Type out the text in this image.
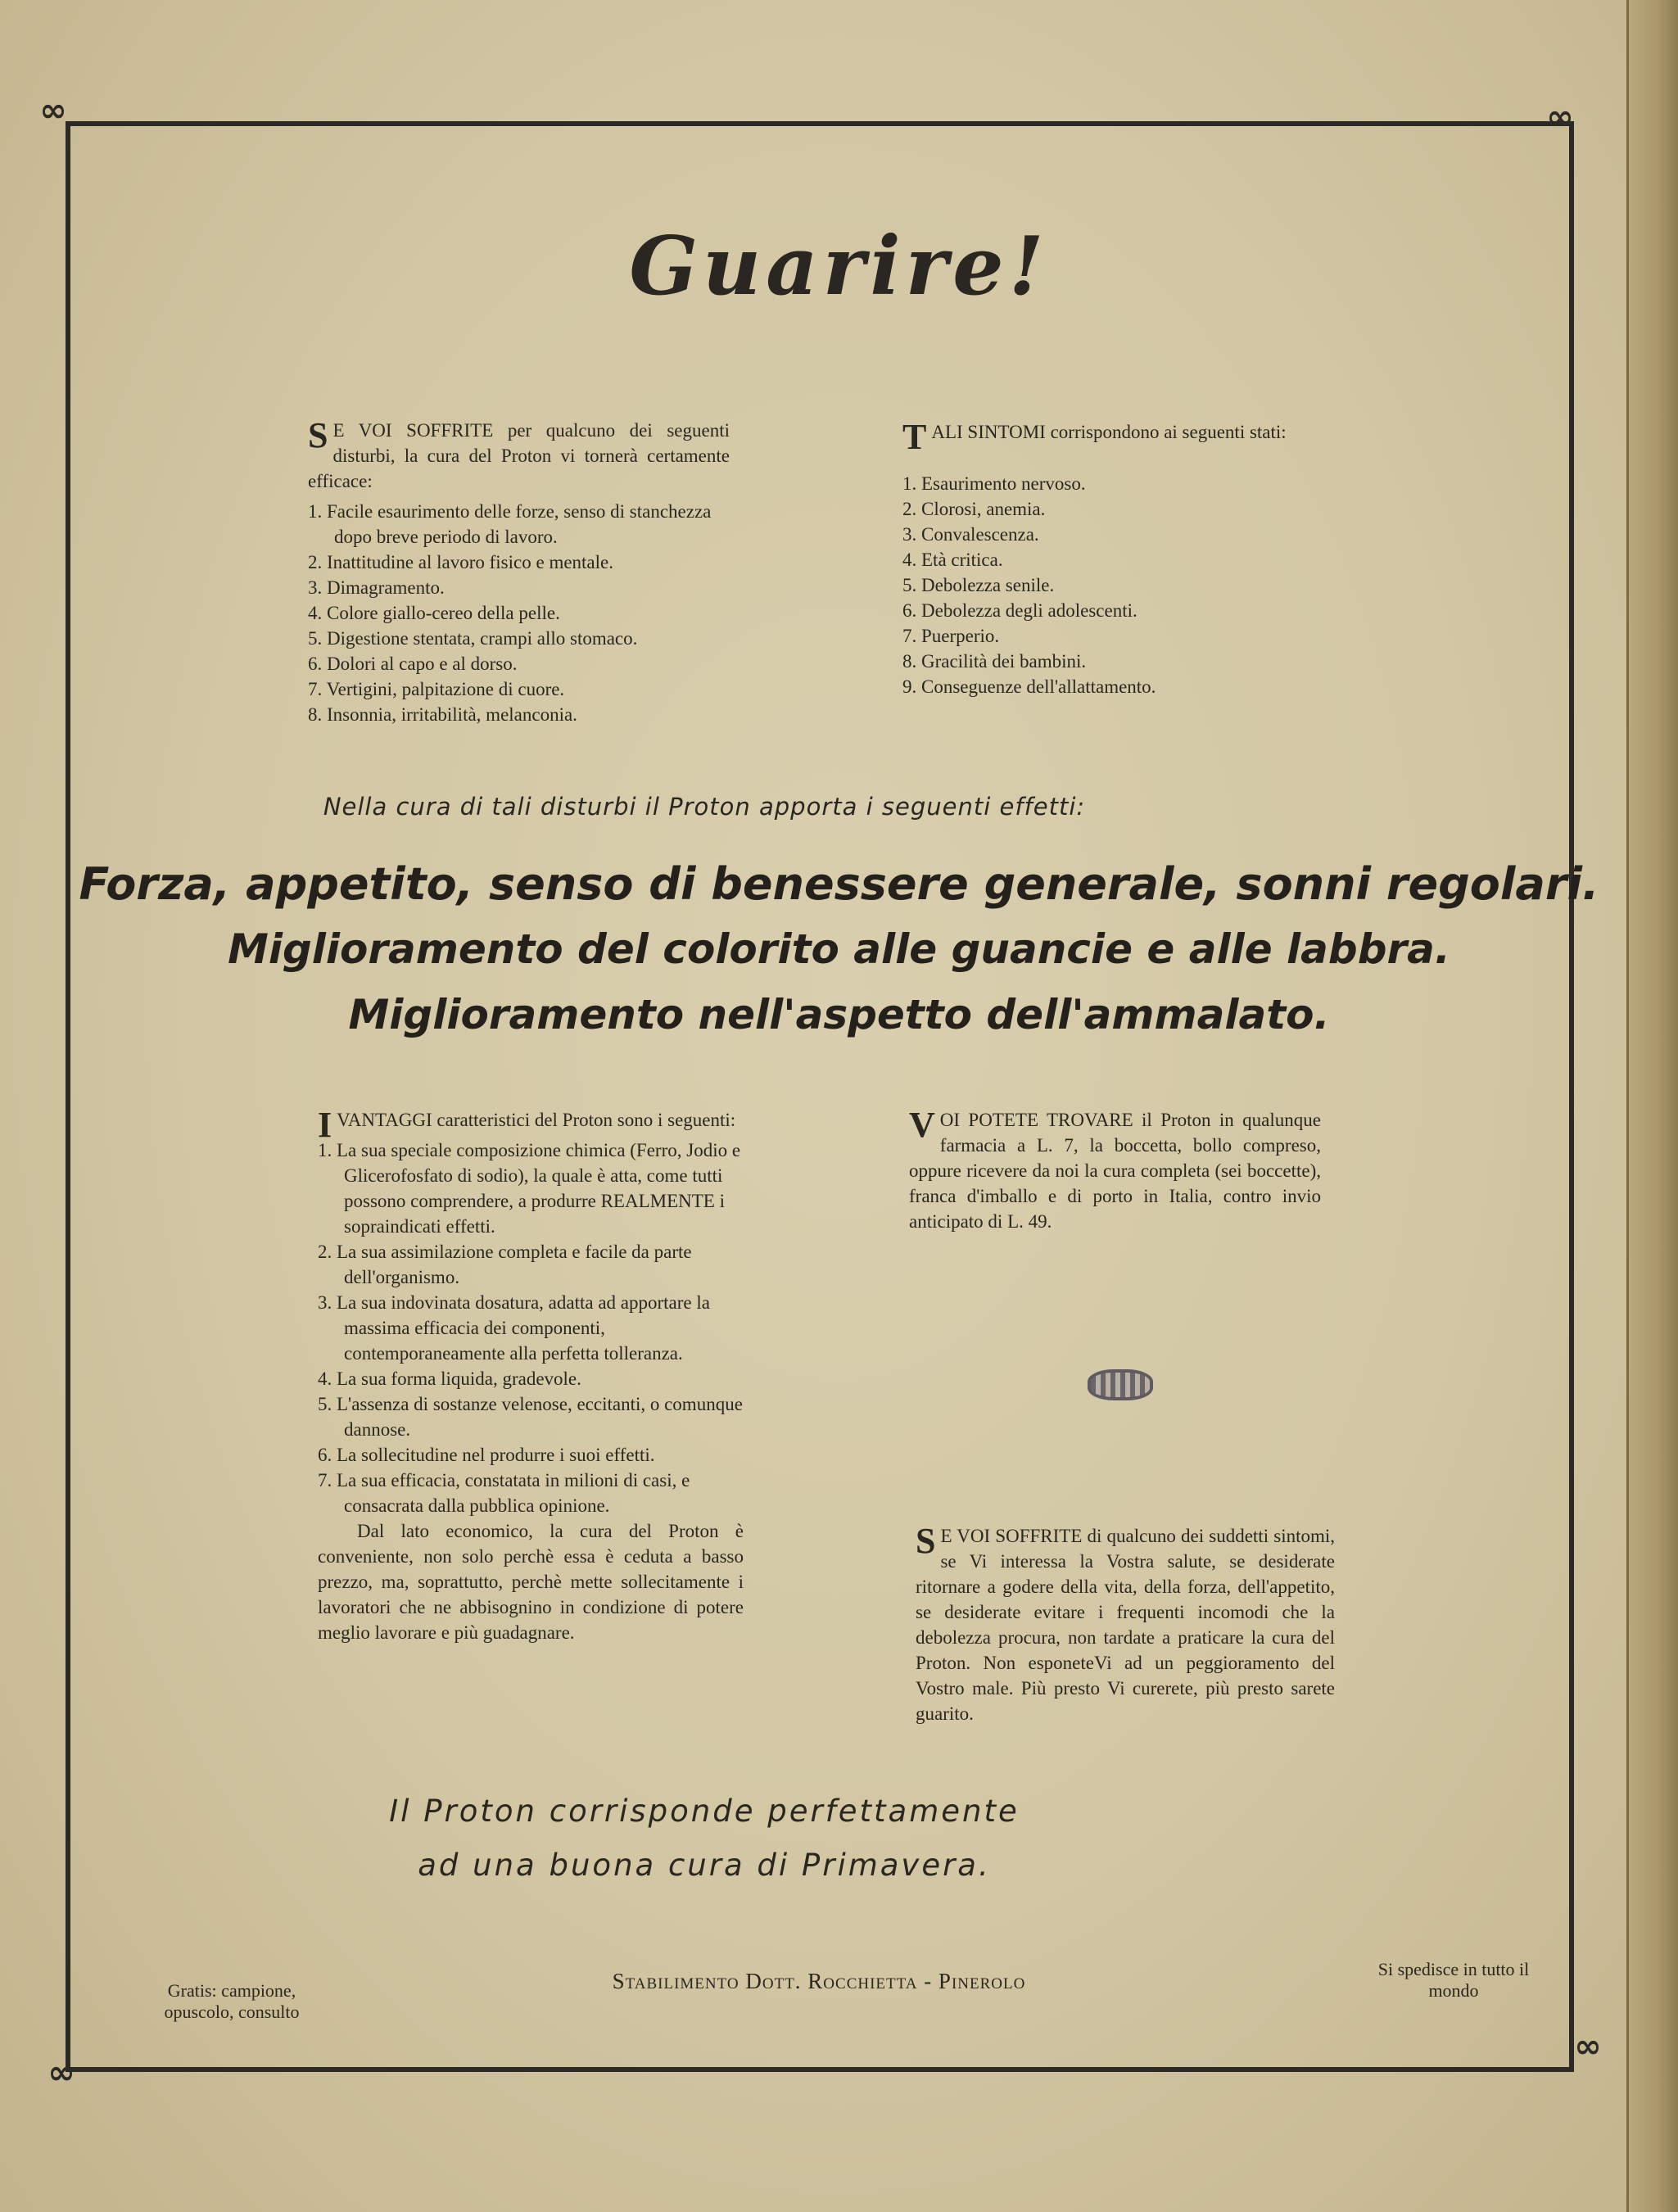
∞	∞
∞
∞
Guarire!

S E VOI SOFFRITE per qualcuno dei seguenti disturbi, la cura del Proton vi tornerà certamente efficace:

1. Facile esaurimento delle forze, senso di stanchezza dopo breve periodo di lavoro.
2. Inattitudine al lavoro fisico e mentale.
3. Dimagramento.
4. Colore giallo-cereo della pelle.
5. Digestione stentata, crampi allo stomaco.
6. Dolori al capo e al dorso.
7. Vertigini, palpitazione di cuore.
8. Insonnia, irritabilità, melanconia.

TALI SINTOMI corrispondono ai seguenti stati:

1. Esaurimento nervoso.
2. Clorosi, anemia.
3. Convalescenza.
4. Età critica.
5. Debolezza senile.
6. Debolezza degli adolescenti.
7. Puerperio.
8. Gracilità dei bambini.
9. Conseguenze dell'allattamento.
Nella cura di tali disturbi il Proton apporta i seguenti effetti:
Forza, appetito, senso di benessere generale, sonni regolari.
Miglioramento del colorito alle guancie e alle labbra.
Miglioramento nell'aspetto dell'ammalato.

IVANTAGGI caratteristici del Proton sono i seguenti:

1. La sua speciale composizione chimica (Ferro, Jodio e Glicerofosfato di sodio), la quale è atta, come tutti possono comprendere, a produrre REALMENTE i sopraindicati effetti.
2. La sua assimilazione completa e facile da parte dell'organismo.
3. La sua indovinata dosatura, adatta ad apportare la massima efficacia dei componenti, contemporaneamente alla perfetta tolleranza.
4. La sua forma liquida, gradevole.
5. L'assenza di sostanze velenose, eccitanti, o comunque dannose.
6. La sollecitudine nel produrre i suoi effetti.
7. La sua efficacia, constatata in milioni di casi, e consacrata dalla pubblica opinione.

Dal lato economico, la cura del Proton è conveniente, non solo perchè essa è ceduta a basso prezzo, ma, soprattutto, perchè mette sollecitamente i lavoratori che ne abbisognino in condizione di potere meglio lavorare e più guadagnare.

VOI POTETE TROVARE il Proton in qualunque farmacia a L. 7, la boccetta, bollo compreso, oppure ricevere da noi la cura completa (sei boccette), franca d'imballo e di porto in Italia, contro invio anticipato di L. 49.

S E VOI SOFFRITE di qualcuno dei suddetti sintomi, se Vi interessa la Vostra salute, se desiderate ritornare a godere della vita, della forza, dell'appetito, se desiderate evitare i frequenti incomodi che la debolezza procura, non tardate a praticare la cura del Proton. Non esponeteVi ad un peggioramento del Vostro male. Più presto Vi curerete, più presto sarete guarito.

Il Proton corrisponde perfettamente
ad una buona cura di Primavera.
Gratis: campione, opuscolo, consulto
Stabilimento Dott. Rocchietta - Pinerolo	Si spedisce in tutto il mondo
